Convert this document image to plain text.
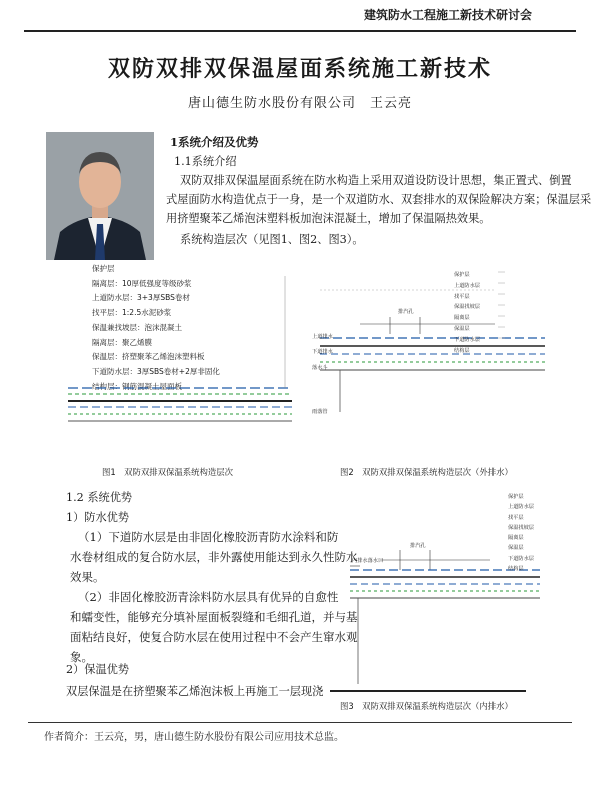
建筑防水工程施工新技术研讨会
双防双排双保温屋面系统施工新技术
唐山德生防水股份有限公司　王云亮
1系统介绍及优势
1.1系统介绍
双防双排双保温屋面系统在防水构造上采用双道设防设计思想，集正置式、倒置
式屋面防水构造优点于一身，是一个双道防水、双套排水的双保险解决方案；保温层采
用挤塑聚苯乙烯泡沫塑料板加泡沫混凝土，增加了保温隔热效果。
系统构造层次（见图1、图2、图3）。
保护层
隔离层：10厚低强度等级砂浆
上道防水层：3+3厚SBS卷材
找平层：1:2.5水泥砂浆
保温兼找坡层：泡沫混凝土
隔离层：聚乙烯膜
保温层：挤塑聚苯乙烯泡沫塑料板
下道防水层：3厚SBS卷材+2厚非固化
结构层：钢筋混凝土屋面板
图1　双防双排双保温系统构造层次
保护层
上道防水层
找平层
保温找坡层
隔离层
保温层
下道防水层
结构层
上道排水
下道排水
落水斗
雨落管
排汽孔
图2　双防双排双保温系统构造层次（外排水）
1.2 系统优势
1）防水优势

（1）下道防水层是由非固化橡胶沥青防水涂料和防

水卷材组成的复合防水层，非外露使用能达到永久性防水

效果。

（2）非固化橡胶沥青涂料防水层具有优异的自愈性

和蠕变性，能够充分填补屋面板裂缝和毛细孔道，并与基

面粘结良好，使复合防水层在使用过程中不会产生窜水观

象。

2）保温优势
双层保温是在挤塑聚苯乙烯泡沫板上再施工一层现浇
保护层
上道防水层
找平层
保温找坡层
隔离层
保温层
下道防水层
结构层
内排水落水口
排汽孔
图3　双防双排双保温系统构造层次（内排水）
作者简介：王云亮，男，唐山德生防水股份有限公司应用技术总监。
